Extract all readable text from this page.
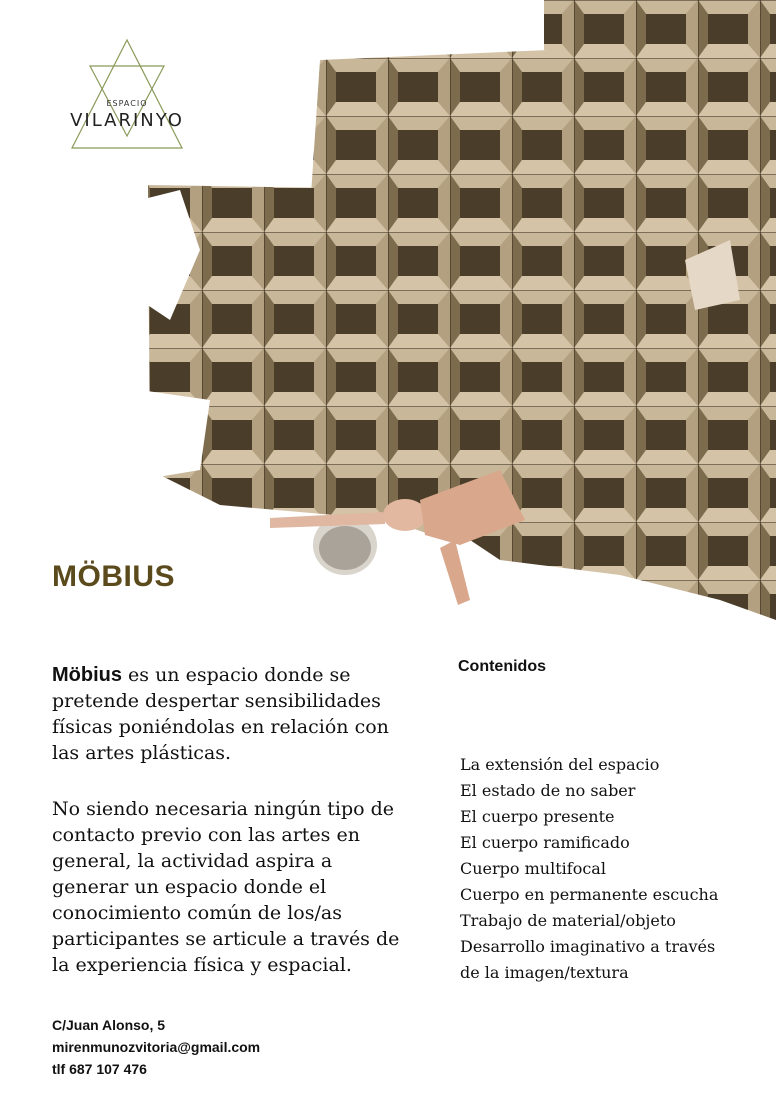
ESPACIO
VILARINYO
MÖBIUS

Möbius es un espacio donde se pretende despertar sensibilidades físicas poniéndolas en relación con las artes plásticas.

No siendo necesaria ningún tipo de contacto previo con las artes en general, la actividad aspira a generar un espacio donde el conocimiento común de los/as participantes se articule a través de la experiencia física y espacial.

Contenidos
La extensión del espacio
El estado de no saber
El cuerpo presente
El cuerpo ramificado
Cuerpo multifocal
Cuerpo en permanente escucha
Trabajo de material/objeto
Desarrollo imaginativo a través
de la imagen/textura
C/Juan Alonso, 5
mirenmunozvitoria@gmail.com
tlf 687 107 476
